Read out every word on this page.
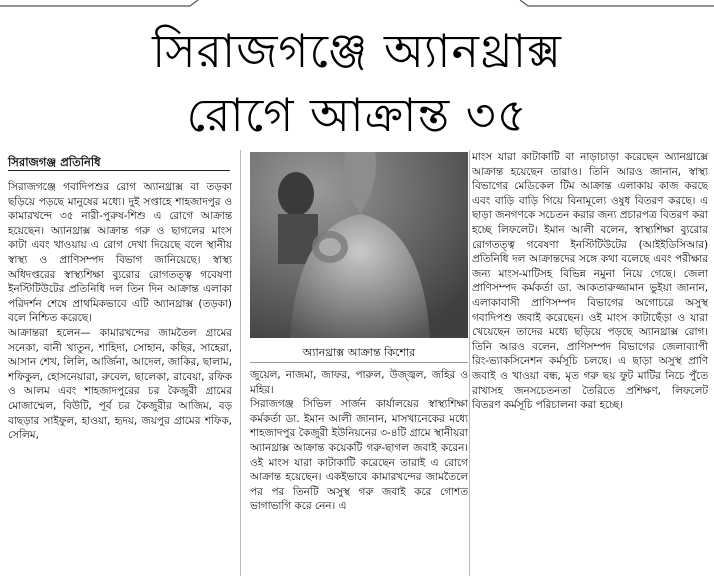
সিরাজগঞ্জে অ্যানথ্রাক্স
রোগে আক্রান্ত ৩৫
সিরাজগঞ্জ প্রতিনিধি

সিরাজগঞ্জে গবাদিপশুর রোগ অ্যানথ্রাক্স বা তড়কা ছড়িয়ে পড়ছে মানুষের মধ্যে। দুই সপ্তাহে শাহজাদপুর ও কামারখন্দে ৩৫ নারী-পুরুষ-শিশু এ রোগে আক্রান্ত হয়েছেন। অ্যানথ্রাক্স আক্রান্ত গরু ও ছাগলের মাংস কাটা এবং খাওয়ায় এ রোগ দেখা দিয়েছে বলে স্থানীয় স্বাস্থ্য ও প্রাণিসম্পদ বিভাগ জানিয়েছে। স্বাস্থ্য অধিদপ্তরের স্বাস্থ্যশিক্ষা ব্যুরোর রোগতত্ত্ব গবেষণা ইনস্টিটিউটের প্রতিনিধি দল তিন দিন আক্রান্ত এলাকা পরিদর্শন শেষে প্রাথমিকভাবে এটি অ্যানথ্রাক্স (তড়কা) বলে নিশ্চিত করেছে।

আক্রান্তরা হলেন— কামারখন্দের জামতৈল গ্রামের সনেকা, বানী খাতুন, শাহিদা, সোহান, কছির, সাহেরা, আসান শেখ, লিলি, আর্জিনা, আদেল, জাকির, ছালাম, শফিকুল, হোসনেয়ারা, রুবেল, ছালেকা, রাবেয়া, রফিক ও আলম এবং শাহজাদপুরের চর কৈজুরী গ্রামের মোজাম্মেল, বিউটি, পূর্ব চর কৈজুরীর আজিম, বড় বাছড়ার সাইফুল, হাওয়া, হৃদয়, জয়পুর গ্রামের শফিক, সেলিম,

অ্যানথ্রাক্স আক্রান্ত কিশোর

জুয়েল, নাজমা, জাফর, পারুল, উজ্জ্বল, জহির ও মহির।

সিরাজগঞ্জ সিভিল সার্জন কার্যালয়ের স্বাস্থ্যশিক্ষা কর্মকর্তা ডা. ইমান আলী জানান, মাসখানেকের মধ্যে শাহজাদপুর কৈজুরী ইউনিয়নের ৩-৪টি গ্রামে স্থানীয়রা অ্যানথ্রাক্স আক্রান্ত কয়েকটি গরু-ছাগল জবাই করেন। ওই মাংস যারা কাটাকাটি করেছেন তারাই এ রোগে আক্রান্ত হয়েছেন। একইভাবে কামারখন্দের জামতৈলে পর পর তিনটি অসুস্থ গরু জবাই করে গোশত ভাগাভাগি করে নেন। এ

মাংস যারা কাটাকাটি বা নাড়াচাড়া করেছেন অ্যানথ্রাক্সে আক্রান্ত হয়েছেন তারাও। তিনি আরও জানান, স্বাস্থ্য বিভাগের মেডিকেল টিম আক্রান্ত এলাকায় কাজ করছে এবং বাড়ি বাড়ি গিয়ে বিনামূল্যে ওষুধ বিতরণ করছে। এ ছাড়া জনগণকে সচেতন করার জন্য প্রচারপত্র বিতরণ করা হচ্ছে লিফলেট। ইমান আলী বলেন, স্বাস্থ্যশিক্ষা ব্যুরোর রোগতত্ত্ব গবেষণা ইনস্টিটিউটের (আইইডিসিআর) প্রতিনিধি দল আক্রান্তদের সঙ্গে কথা বলেছে এবং পরীক্ষার জন্য মাংস-মাটিসহ বিভিন্ন নমুনা নিয়ে গেছে। জেলা প্রাণিসম্পদ কর্মকর্তা ডা. আকতারুজ্জামান ভুইয়া জানান, এলাকাবাসী প্রাণিসম্পদ বিভাগের অগোচরে অসুস্থ গবাদিপশু জবাই করেছেন। ওই মাংস কাটাছেঁড়া ও যারা খেয়েছেন তাদের মধ্যে ছড়িয়ে পড়ছে অ্যানথ্রাক্স রোগ। তিনি আরও বলেন, প্রাণিসম্পদ বিভাগের জেলাব্যাপী রিং-ভ্যাকসিনেশন কর্মসূচি চলছে। এ ছাড়া অসুস্থ প্রাণি জবাই ও খাওয়া বন্ধ, মৃত গরু ছয় ফুট মাটির নিচে পুঁতে রাখাসহ জনসচেতনতা তৈরিতে প্রশিক্ষণ, লিফলেট বিতরণ কর্মসূচি পরিচালনা করা হচ্ছে।
